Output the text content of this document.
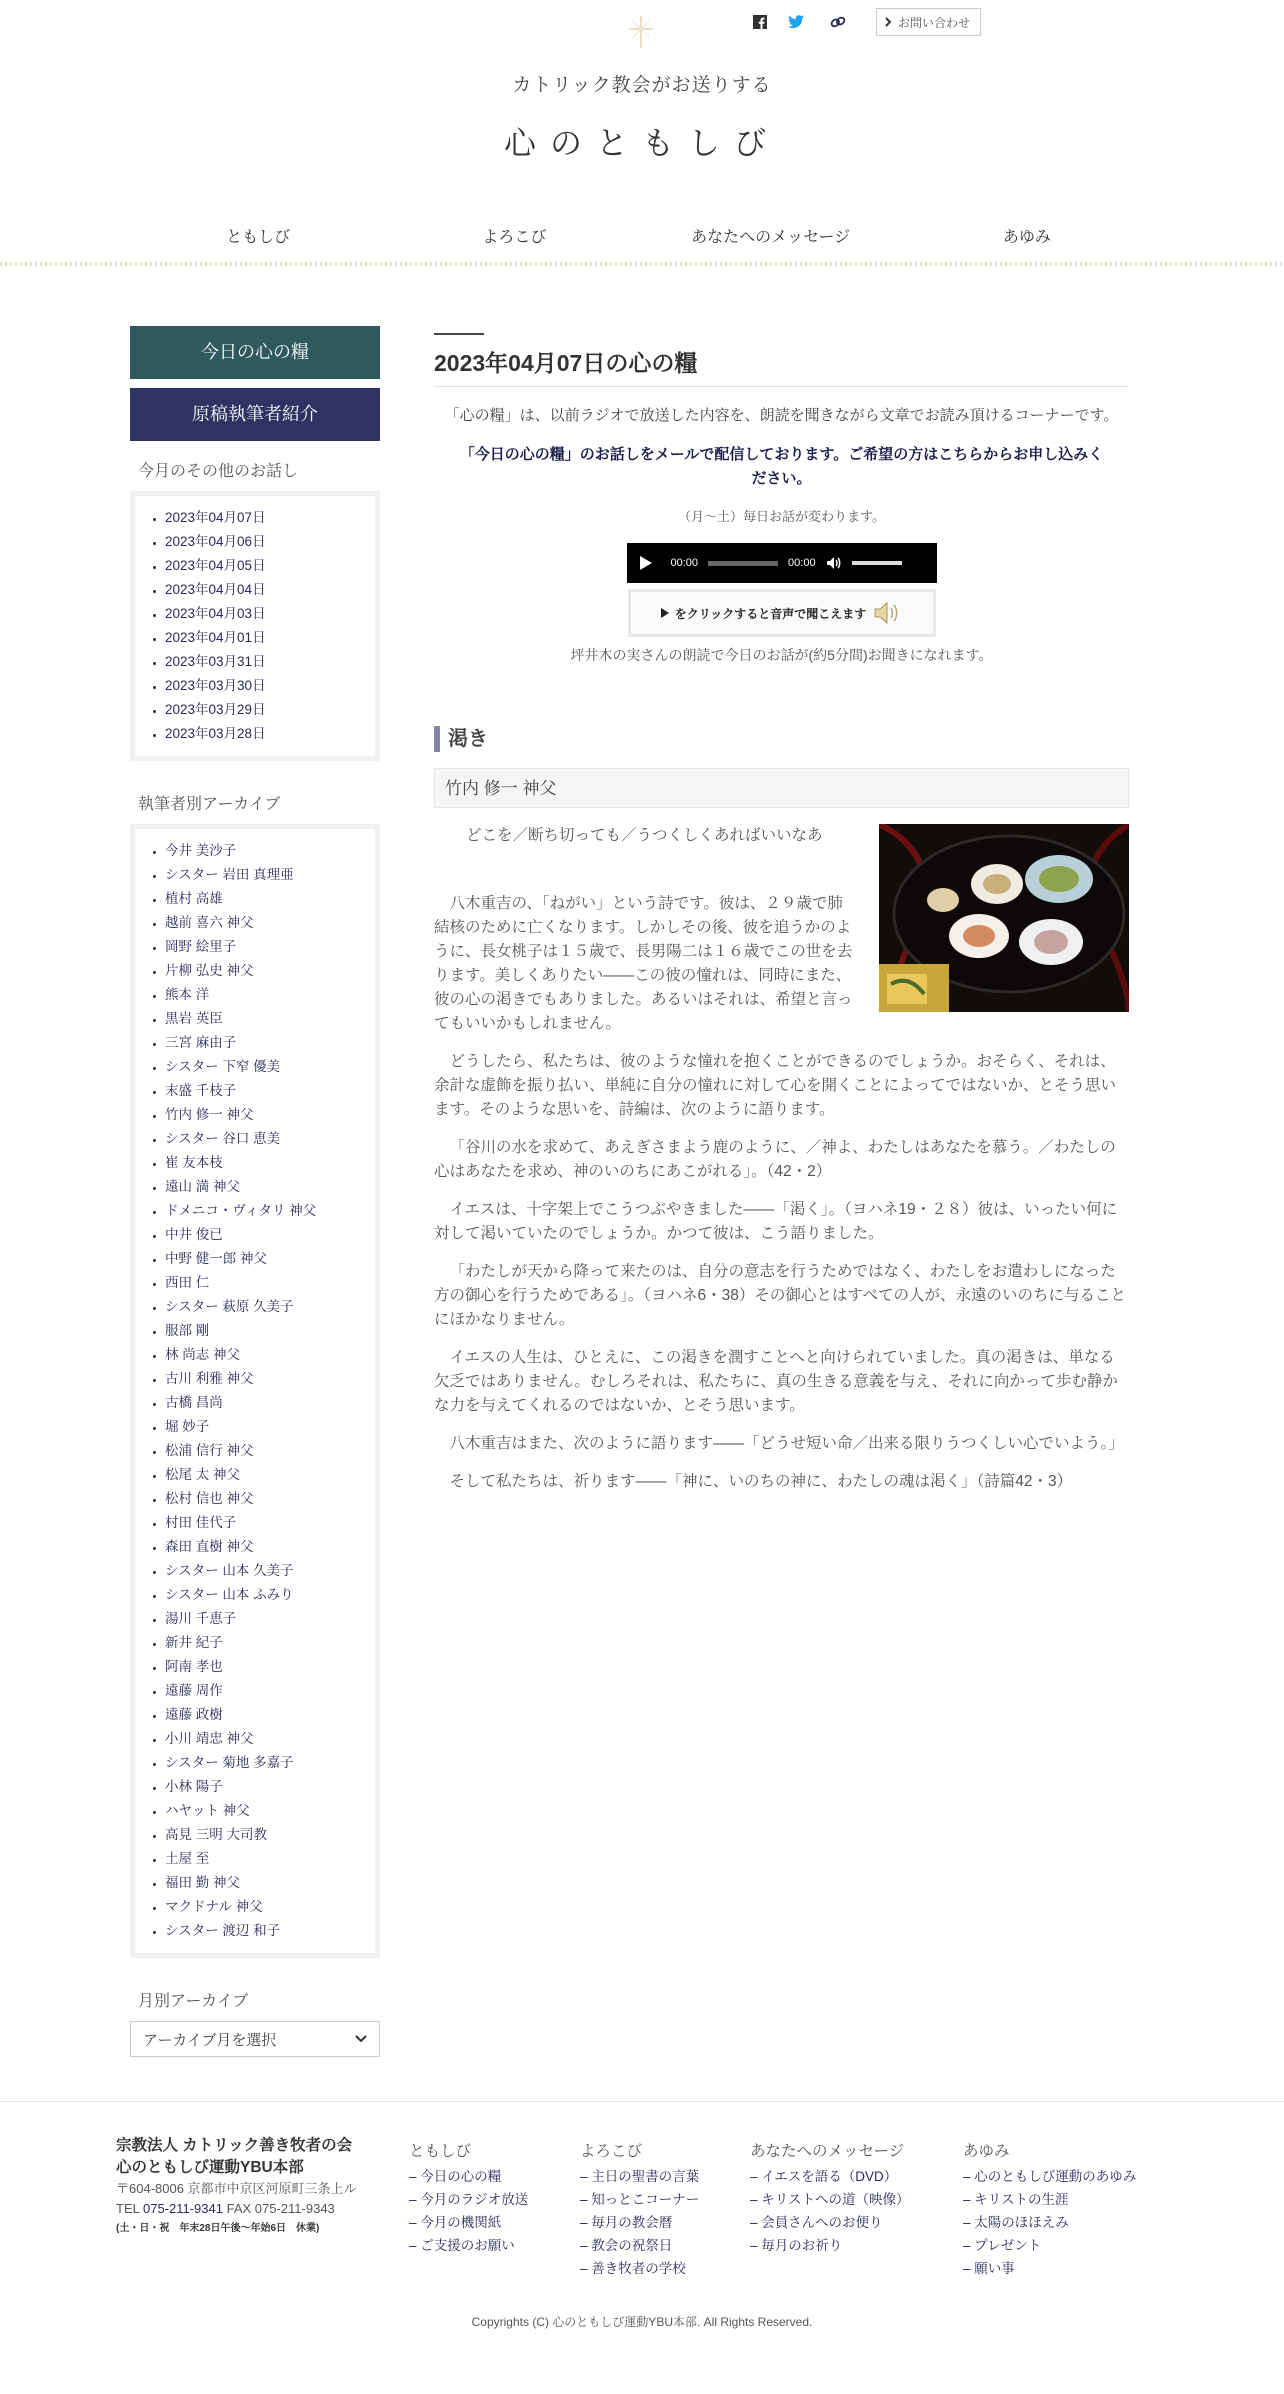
お問い合わせ
カトリック教会がお送りする
心のともしび
ともしび	よろこび	あなたへのメッセージ	あゆみ
今日の心の糧
原稿執筆者紹介
今月のその他のお話し
• 2023年04月07日
• 2023年04月06日
• 2023年04月05日
• 2023年04月04日
• 2023年04月03日
• 2023年04月01日
• 2023年03月31日
• 2023年03月30日
• 2023年03月29日
• 2023年03月28日
執筆者別アーカイブ
• 今井 美沙子
• シスター 岩田 真理亜
• 植村 高雄
• 越前 喜六 神父
• 岡野 絵里子
• 片柳 弘史 神父
• 熊本 洋
• 黒岩 英臣
• 三宮 麻由子
• シスター 下窄 優美
• 末盛 千枝子
• 竹内 修一 神父
• シスター 谷口 恵美
• 崔 友本枝
• 遠山 満 神父
• ドメニコ・ヴィタリ 神父
• 中井 俊已
• 中野 健一郎 神父
• 西田 仁
• シスター 萩原 久美子
• 服部 剛
• 林 尚志 神父
• 古川 利雅 神父
• 古橋 昌尚
• 堀 妙子
• 松浦 信行 神父
• 松尾 太 神父
• 松村 信也 神父
• 村田 佳代子
• 森田 直樹 神父
• シスター 山本 久美子
• シスター 山本 ふみり
• 湯川 千恵子
• 新井 紀子
• 阿南 孝也
• 遠藤 周作
• 遠藤 政樹
• 小川 靖忠 神父
• シスター 菊地 多嘉子
• 小林 陽子
• ハヤット 神父
• 高見 三明 大司教
• 土屋 至
• 福田 勤 神父
• マクドナル 神父
• シスター 渡辺 和子
月別アーカイブ
アーカイブ月を選択
2023年04月07日の心の糧

「心の糧」は、以前ラジオで放送した内容を、朗読を聞きながら文章でお読み頂けるコーナーです。

「今日の心の糧」のお話しをメールで配信しております。ご希望の方はこちらからお申し込みください。

（月～土）毎日お話が変わります。

00:00	00:00
をクリックすると音声で聞こえます

坪井木の実さんの朗読で今日のお話が(約5分間)お聞きになれます。

渇き
竹内 修一 神父

どこを／断ち切っても／うつくしくあればいいなあ

八木重吉の、「ねがい」という詩です。彼は、２９歳で肺結核のために亡くなります。しかしその後、彼を追うかのように、長女桃子は１５歳で、長男陽二は１６歳でこの世を去ります。美しくありたい――この彼の憧れは、同時にまた、彼の心の渇きでもありました。あるいはそれは、希望と言ってもいいかもしれません。

どうしたら、私たちは、彼のような憧れを抱くことができるのでしょうか。おそらく、それは、余計な虚飾を振り払い、単純に自分の憧れに対して心を開くことによってではないか、とそう思います。そのような思いを、詩編は、次のように語ります。

「谷川の水を求めて、あえぎさまよう鹿のように、／神よ、わたしはあなたを慕う。／わたしの心はあなたを求め、神のいのちにあこがれる」。（42・2）

イエスは、十字架上でこうつぶやきました――「渇く」。（ヨハネ19・２８）彼は、いったい何に対して渇いていたのでしょうか。かつて彼は、こう語りました。

「わたしが天から降って来たのは、自分の意志を行うためではなく、わたしをお遣わしになった方の御心を行うためである」。（ヨハネ6・38）その御心とはすべての人が、永遠のいのちに与ることにほかなりません。

イエスの人生は、ひとえに、この渇きを潤すことへと向けられていました。真の渇きは、単なる欠乏ではありません。むしろそれは、私たちに、真の生きる意義を与え、それに向かって歩む静かな力を与えてくれるのではないか、とそう思います。

八木重吉はまた、次のように語ります――「どうせ短い命／出来る限りうつくしい心でいよう。」

そして私たちは、祈ります――「神に、いのちの神に、わたしの魂は渇く」（詩篇42・3）

宗教法人 カトリック善き牧者の会
心のともしび運動YBU本部
〒604-8006 京都市中京区河原町三条上ル
TEL 075-211-9341 FAX 075-211-9343
(土・日・祝　年末28日午後〜年始6日　休業)
ともしび
– 今日の心の糧
– 今月のラジオ放送
– 今月の機関紙
– ご支援のお願い
よろこび
– 主日の聖書の言葉
– 知っとこコーナー
– 毎月の教会暦
– 教会の祝祭日
– 善き牧者の学校
あなたへのメッセージ
– イエスを語る（DVD）
– キリストへの道（映像）
– 会員さんへのお便り
– 毎月のお祈り
あゆみ
– 心のともしび運動のあゆみ
– キリストの生涯
– 太陽のほほえみ
– プレゼント
– 願い事
Copyrights (C) 心のともしび運動YBU本部. All Rights Reserved.
